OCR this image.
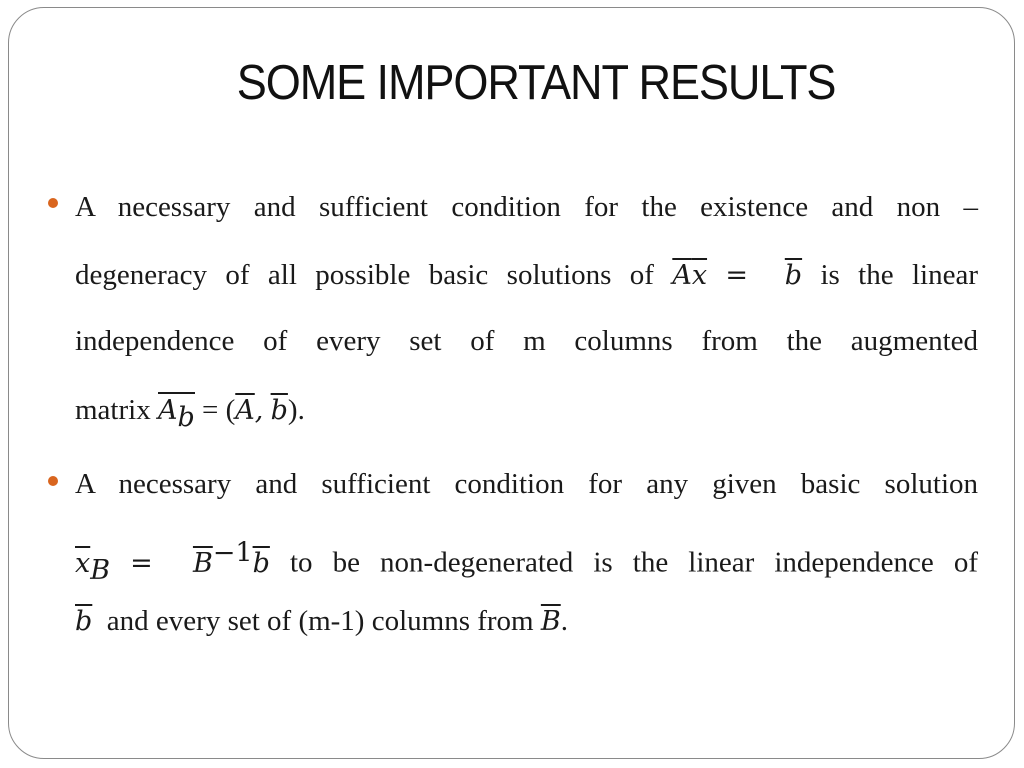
SOME IMPORTANT RESULTS
A necessary and sufficient condition for the existence and non –
degeneracy of all possible basic solutions of $\overline{A}\overline{x} = \overline{b}$ is the linear
independence of every set of m columns from the augmented
matrix $A_b = (\overline{A}$, $\overline{b}$).
A necessary and sufficient condition for any given basic solution
$\overline{x}_B = \overline{B}^{-1}\overline{b}$ to be non-degenerated is the linear independence of
$\overline{b}$ and every set of (m-1) columns from $\overline{B}$.
